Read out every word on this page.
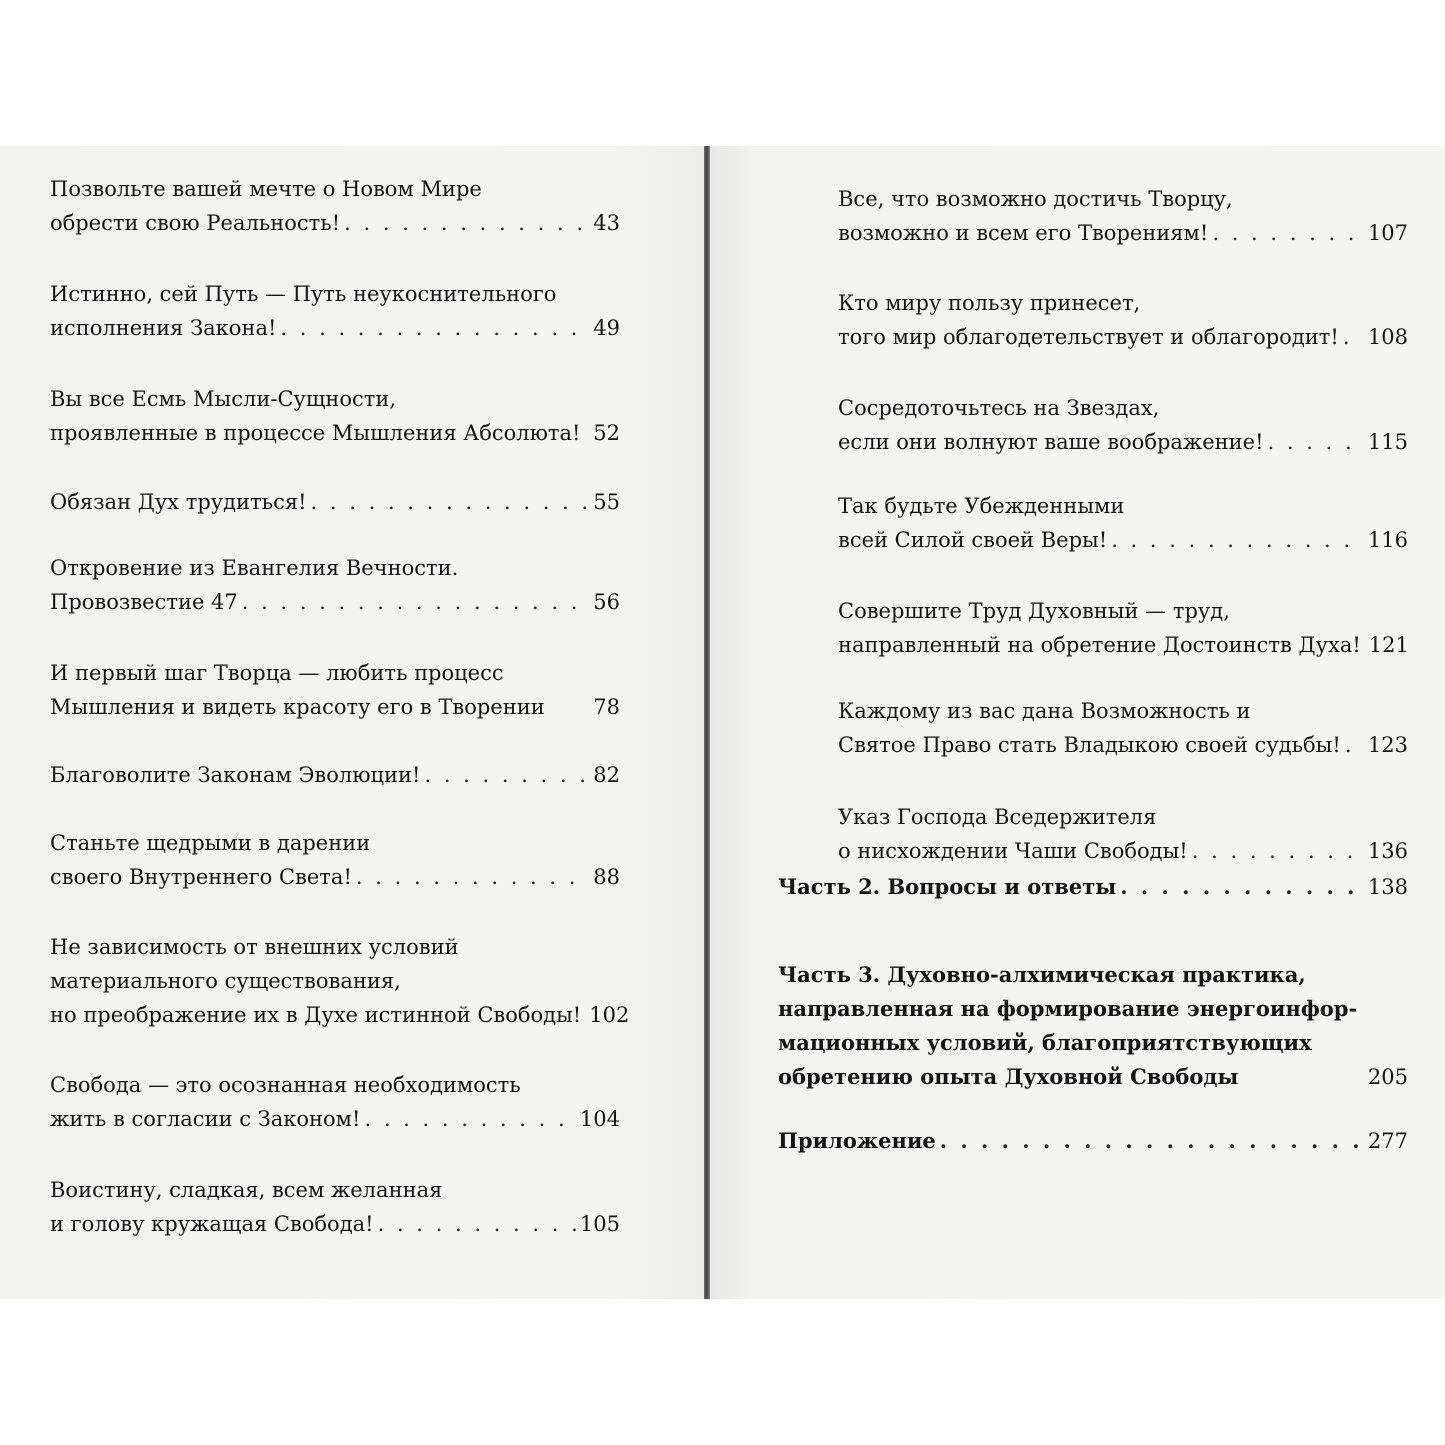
Позвольте вашей мечте о Новом Мире
обрести свою Реальность! . . .	43
Истинно, сей Путь — Путь неукоснительного
исполнения Закона! . . .	49
Вы все Есмь Мысли-Сущности,
проявленные в процессе Мышления Абсолюта! 52
Обязан Дух трудиться! . . .	55
Откровение из Евангелия Вечности.
Провозвестие 47 . . .	56
И первый шаг Творца — любить процесс
Мышления и видеть красоту его в Творении 78
Благоволите Законам Эволюции! . . .	82
Станьте щедрыми в дарении
своего Внутреннего Света! . . .	88
Не зависимость от внешних условий
материального существования,
но преображение их в Духе истинной Свободы! 102
Свобода — это осознанная необходимость
жить в согласии с Законом! . . .	104
Воистину, сладкая, всем желанная
и голову кружащая Свобода! . . .	105
Все, что возможно достичь Творцу,
возможно и всем его Творениям! . . .	107
Кто миру пользу принесет,
того мир облагодетельствует и облагородит! . . . 108
Сосредоточьтесь на Звездах,
если они волнуют ваше воображение! . . .	115
Так будьте Убежденными
всей Силой своей Веры! . . .	116
Совершите Труд Духовный — труд,
направленный на обретение Достоинств Духа! 121
Каждому из вас дана Возможность и
Святое Право стать Владыкою своей судьбы! . . . 123
Указ Господа Вседержителя
о нисхождении Чаши Свободы! . . .	136
Часть 2. Вопросы и ответы . . .	138
Часть 3. Духовно-алхимическая практика,
направленная на формирование энергоинфор-
мационных условий, благоприятствующих
обретению опыта Духовной Свободы	205
Приложение . . .	277
